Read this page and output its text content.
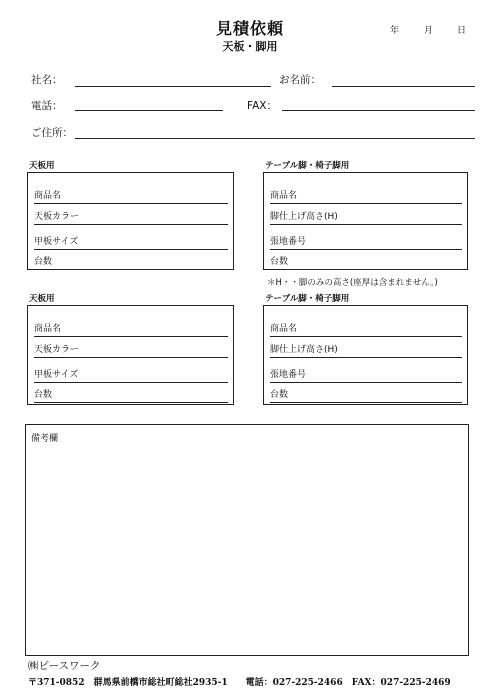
見積依頼
天板・脚用
年	月	日
社名：	お名前：
電話：	FAX：
ご住所：
天板用
商品名
天板カラー
甲板サイズ
台数
テーブル脚・椅子脚用
商品名
脚仕上げ高さ(H)
張地番号
台数
＊H・・脚のみの高さ(座厚は含まれません。)
天板用
商品名
天板カラー
甲板サイズ
台数
テーブル脚・椅子脚用
商品名
脚仕上げ高さ(H)
張地番号
台数
備考欄
㈱ピースワーク
〒371-0852　群馬県前橋市総社町総社2935-1　　電話：027-225-2466　FAX：027-225-2469
